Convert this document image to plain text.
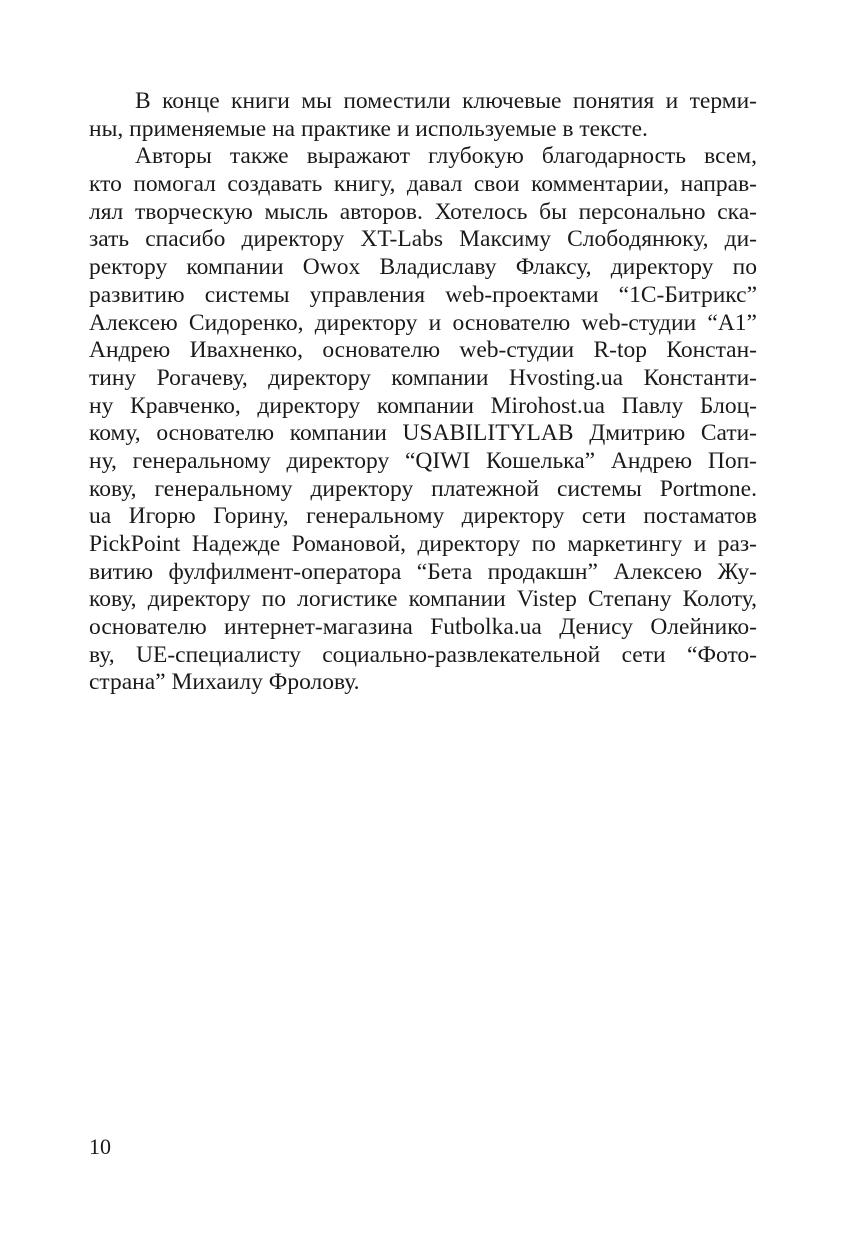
В конце книги мы поместили ключевые понятия и терми-
ны, применяемые на практике и используемые в тексте.
Авторы также выражают глубокую благодарность всем,
кто помогал создавать книгу, давал свои комментарии, направ-
лял творческую мысль авторов. Хотелось бы персонально ска-
зать спасибо директору XT-Labs Максиму Слободянюку, ди-
ректору компании Owox Владиславу Флаксу, директору по
развитию системы управления web-проектами “1С-Битрикс”
Алексею Сидоренко, директору и основателю web-студии “A1”
Андрею Ивахненко, основателю web-студии R-top Констан-
тину Рогачеву, директору компании Hvosting.ua Константи-
ну Кравченко, директору компании Mirohost.ua Павлу Блоц-
кому, основателю компании USABILITYLAB Дмитрию Сати-
ну, генеральному директору “QIWI Кошелька” Андрею Поп-
кову, генеральному директору платежной системы Portmone.
ua Игорю Горину, генеральному директору сети постаматов
PickPoint Надежде Романовой, директору по маркетингу и раз-
витию фулфилмент-оператора “Бета продакшн” Алексею Жу-
кову, директору по логистике компании Vistep Степану Колоту,
основателю интернет-магазина Futbolka.ua Денису Олейнико-
ву, UE-специалисту социально-развлекательной сети “Фото-
страна” Михаилу Фролову.
10
